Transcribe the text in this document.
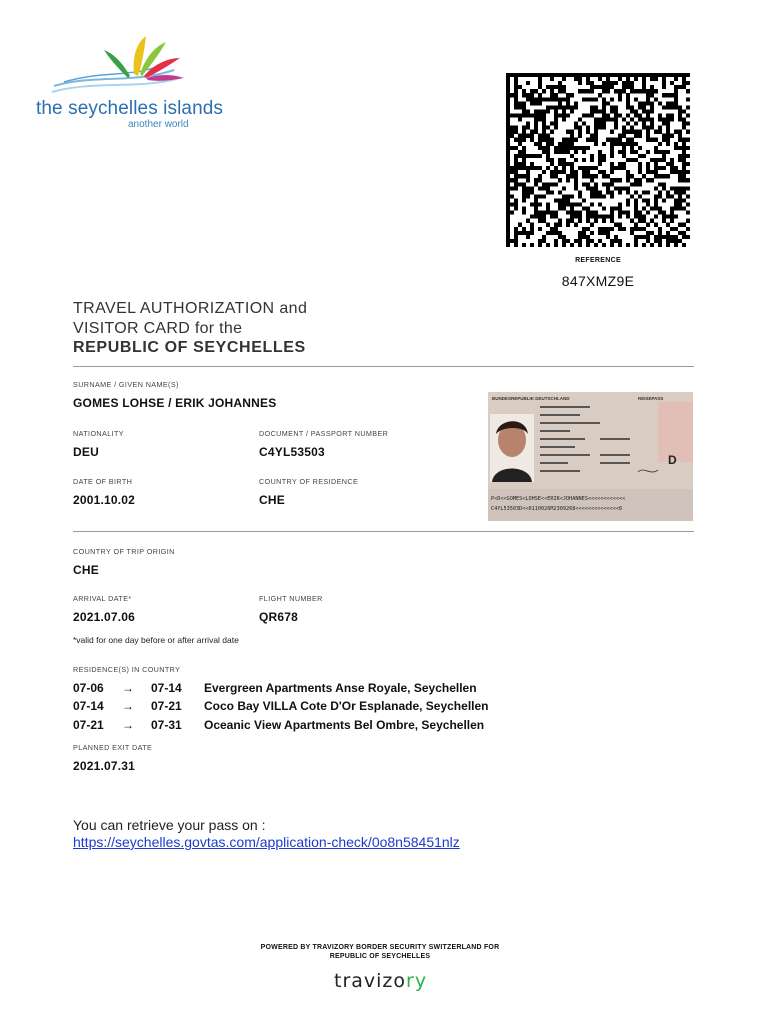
the seychelles islands
another world
REFERENCE
847XMZ9E
TRAVEL AUTHORIZATION and
VISITOR CARD for the
REPUBLIC OF SEYCHELLES
SURNAME / GIVEN NAME(S)
GOMES LOHSE / ERIK JOHANNES
NATIONALITY
DEU
DOCUMENT / PASSPORT NUMBER
C4YL53503
DATE OF BIRTH
2001.10.02
COUNTRY OF RESIDENCE
CHE
BUNDESREPUBLIK DEUTSCHLAND	REISEPASS
D
P<D<<GOMES<LOHSE<<ERIK<JOHANNES<<<<<<<<<<<<
C4YL53503D<<0110026M2309268<<<<<<<<<<<<<<6
COUNTRY OF TRIP ORIGIN
CHE
ARRIVAL DATE*
2021.07.06
FLIGHT NUMBER
QR678
*valid for one day before or after arrival date
RESIDENCE(S) IN COUNTRY
07-06 → 07-14 Evergreen Apartments Anse Royale, Seychellen
07-14 → 07-21 Coco Bay VILLA Cote D'Or Esplanade, Seychellen
07-21 → 07-31 Oceanic View Apartments Bel Ombre, Seychellen
PLANNED EXIT DATE
2021.07.31
You can retrieve your pass on :
https://seychelles.govtas.com/application-check/0o8n58451nlz
POWERED BY TRAVIZORY BORDER SECURITY SWITZERLAND FOR
REPUBLIC OF SEYCHELLES
travizory
